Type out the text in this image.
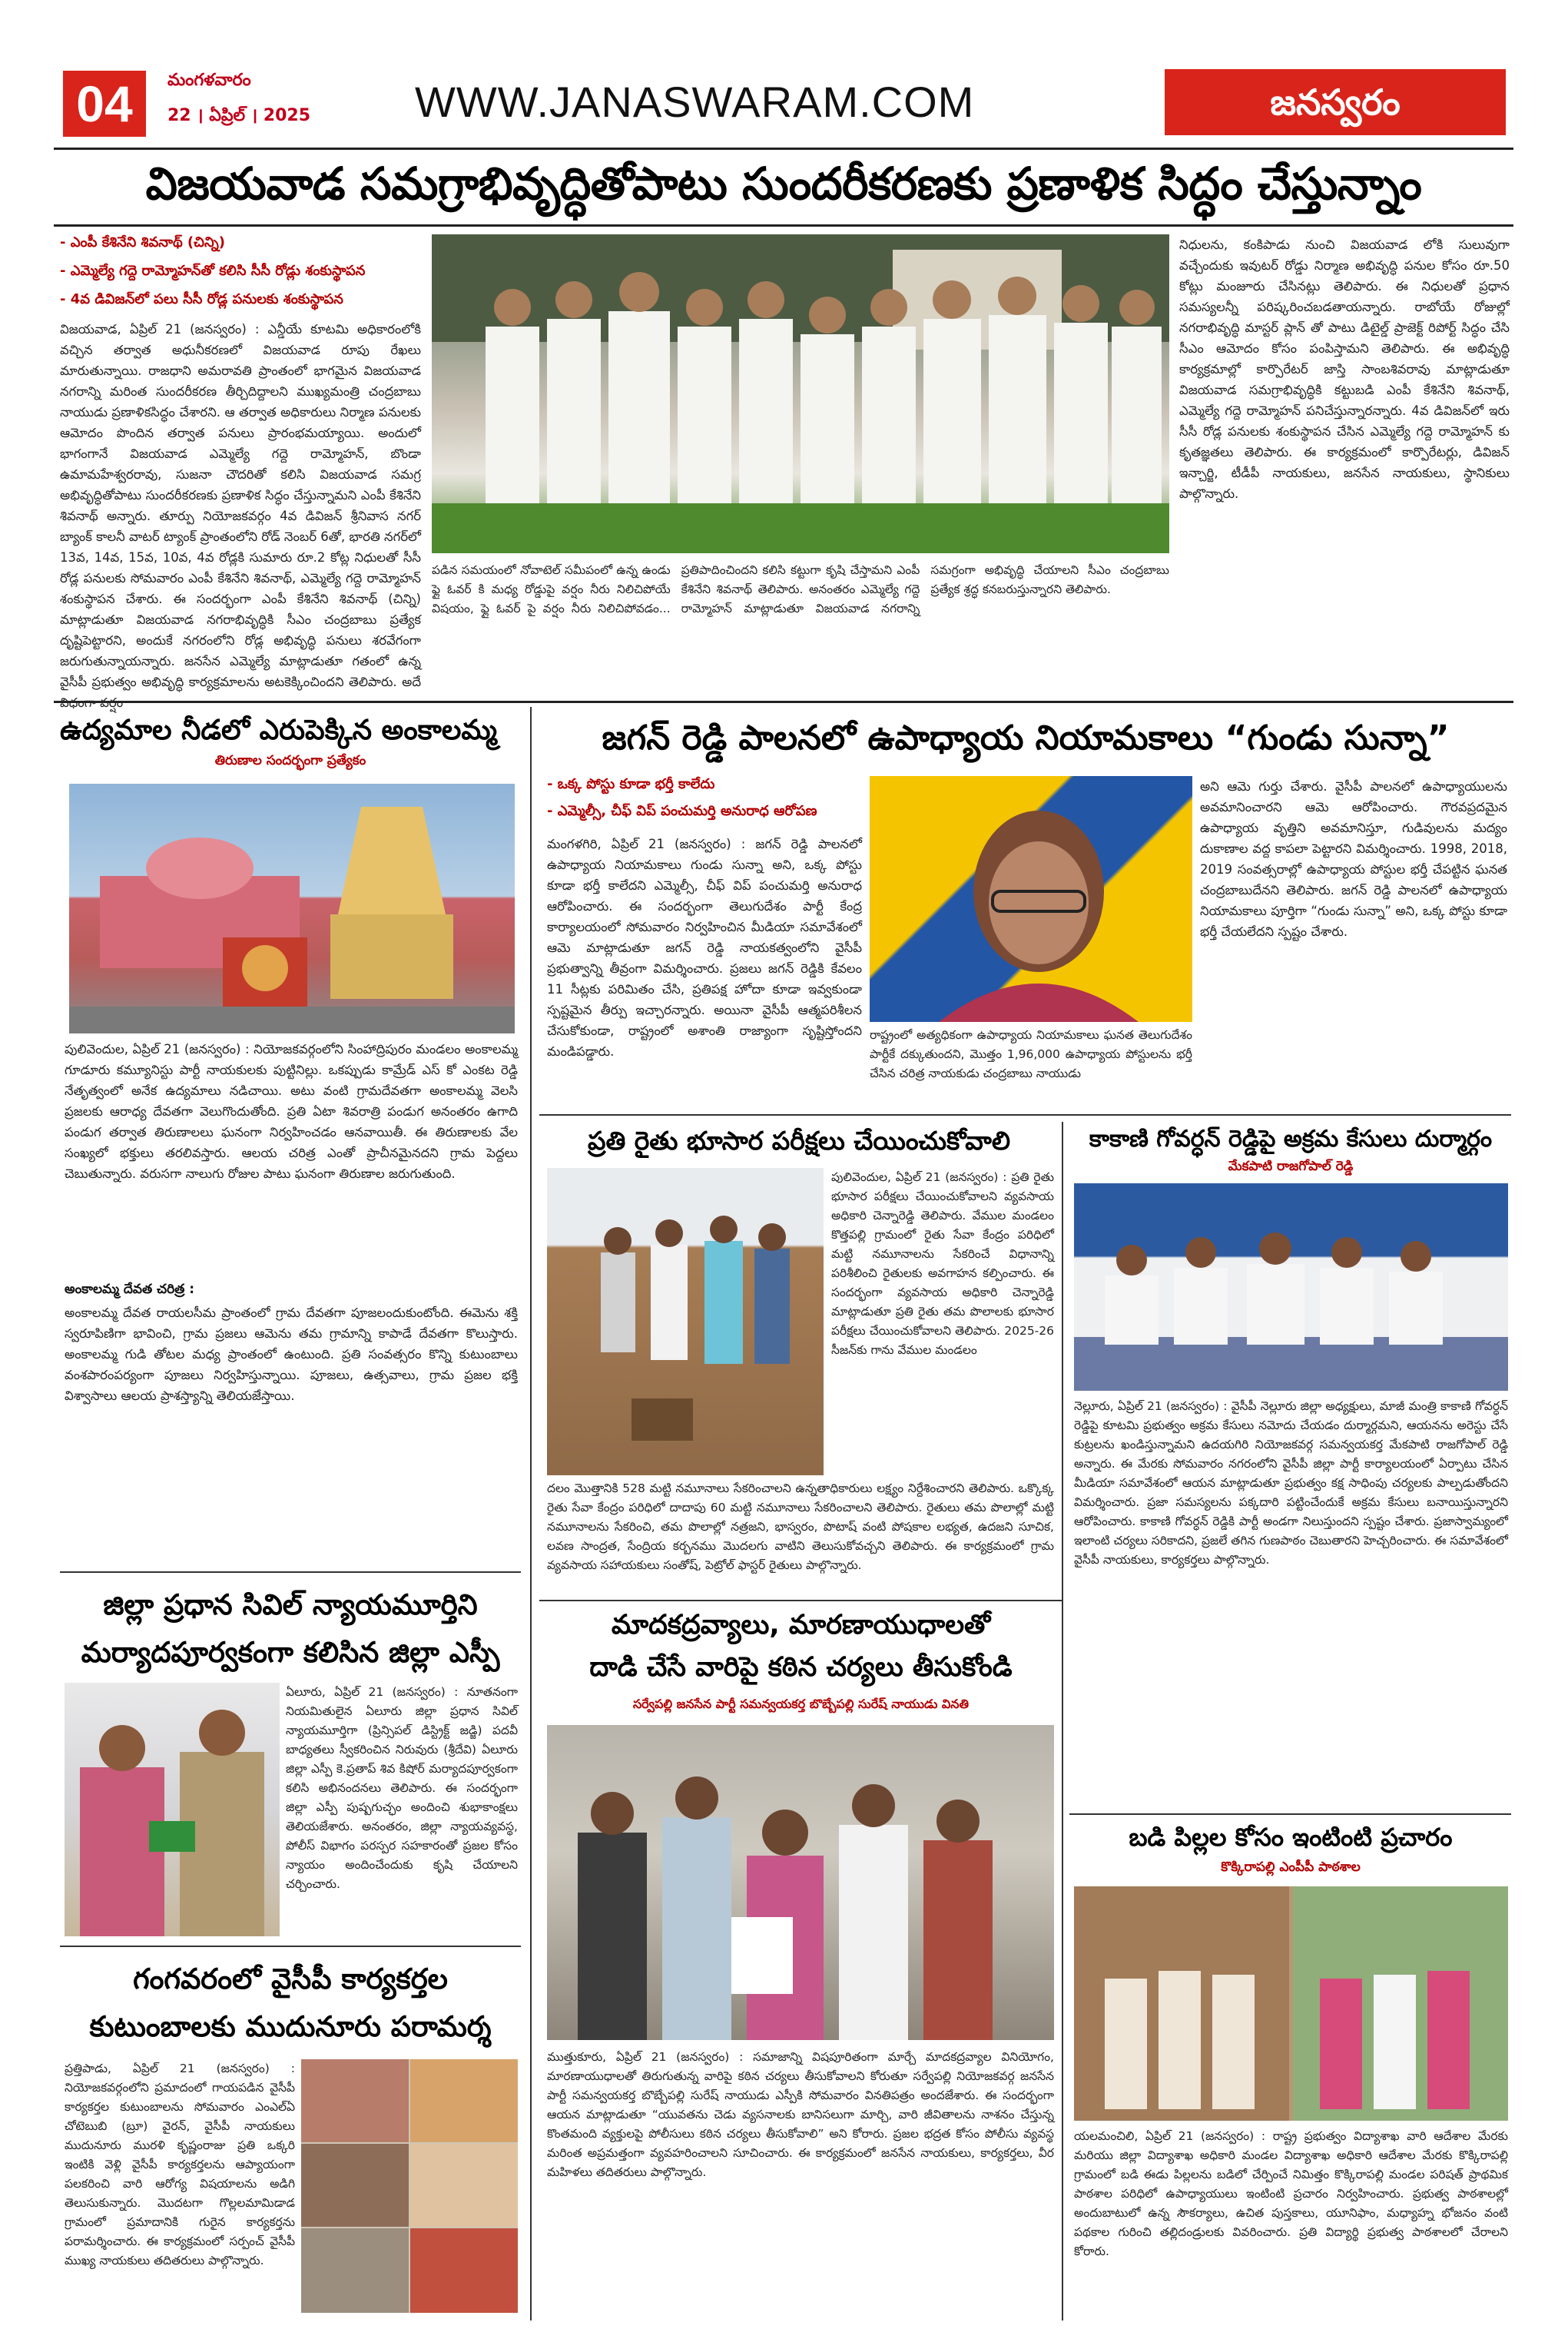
04	మంగళవారం
22 । ఏప్రిల్ । 2025 WWW.JANASWARAM.COM	జనస్వరం
విజయవాడ సమగ్రాభివృద్ధితోపాటు సుందరీకరణకు ప్రణాళిక సిద్ధం చేస్తున్నాం
- ఎంపీ కేశినేని శివనాథ్ (చిన్ని)
- ఎమ్మెల్యే గద్దె రామ్మోహన్‌తో కలిసి సీసీ రోడ్లు శంకుస్థాపన
- 4వ డివిజన్‌లో పలు సీసీ రోడ్ల పనులకు శంకుస్థాపన
విజయవాడ, ఏప్రిల్ 21 (జనస్వరం) : ఎన్డీయే కూటమి అధికారంలోకి వచ్చిన తర్వాత అధునీకరణలో విజయవాడ రూపు రేఖలు మారుతున్నాయి. రాజధాని అమరావతి ప్రాంతంలో భాగమైన విజయవాడ నగరాన్ని మరింత సుందరీకరణ తీర్చిదిద్దాలని ముఖ్యమంత్రి చంద్రబాబు నాయుడు ప్రణాళికసిద్ధం చేశారని. ఆ తర్వాత అధికారులు నిర్మాణ పనులకు ఆమోదం పొందిన తర్వాత పనులు ప్రారంభమయ్యాయి. అందులో భాగంగానే విజయవాడ ఎమ్మెల్యే గద్దె రామ్మోహన్, బొండా ఉమామహేశ్వరరావు, సుజనా చౌదరితో కలిసి విజయవాడ సమగ్ర అభివృద్ధితోపాటు సుందరీకరణకు ప్రణాళిక సిద్ధం చేస్తున్నామని ఎంపీ కేశినేని శివనాథ్ అన్నారు. తూర్పు నియోజకవర్గం 4వ డివిజన్ శ్రీనివాస నగర్ బ్యాంక్ కాలనీ వాటర్ ట్యాంక్ ప్రాంతంలోని రోడ్ నెంబర్ 6తో, భారతి నగర్‌లో 13వ, 14వ, 15వ, 10వ, 4వ రోడ్లకి సుమారు రూ.2 కోట్ల నిధులతో సీసీ రోడ్ల పనులకు సోమవారం ఎంపీ కేశినేని శివనాథ్, ఎమ్మెల్యే గద్దె రామ్మోహన్ శంకుస్థాపన చేశారు. ఈ సందర్భంగా ఎంపీ కేశినేని శివనాథ్ (చిన్ని) మాట్లాడుతూ విజయవాడ నగరాభివృద్ధికి సీఎం చంద్రబాబు ప్రత్యేక దృష్టిపెట్టారని, అందుకే నగరంలోని రోడ్ల అభివృద్ధి పనులు శరవేగంగా జరుగుతున్నాయన్నారు. జనసేన ఎమ్మెల్యే మాట్లాడుతూ గతంలో ఉన్న వైసీపీ ప్రభుత్వం అభివృద్ధి కార్యక్రమాలను అటకెక్కించిందని తెలిపారు. అదే
పడిన సమయంలో నోవాటెల్ సమీపంలో ఉన్న ఉండు ఫ్లై ఓవర్ కి మధ్య రోడ్డుపై వర్షం నీరు నిలిచిపోయే విషయం, ఫ్లై ఓవర్ పై వర్షం నీరు నిలిచిపోవడం... ప్రతిపాదించిందని కలిసి కట్టుగా కృషి చేస్తామని ఎంపీ కేశినేని శివనాథ్ తెలిపారు. అనంతరం ఎమ్మెల్యే గద్దె రామ్మోహన్ మాట్లాడుతూ విజయవాడ నగరాన్ని సమగ్రంగా అభివృద్ధి చేయాలని సీఎం చంద్రబాబు ప్రత్యేక శ్రద్ధ కనబరుస్తున్నారని తెలిపారు.
నిధులను, కంకిపాడు నుంచి విజయవాడ లోకి సులువుగా వచ్చేందుకు ఇవుటర్ రోడ్డు నిర్మాణ అభివృద్ధి పనుల కోసం రూ.50 కోట్లు మంజూరు చేసినట్లు తెలిపారు. ఈ నిధులతో ప్రధాన సమస్యలన్నీ పరిష్కరించబడతాయన్నారు. రాబోయే రోజుల్లో నగరాభివృద్ధి మాస్టర్ ప్లాన్ తో పాటు డిటైల్డ్ ప్రాజెక్ట్ రిపోర్ట్ సిద్ధం చేసి సీఎం ఆమోదం కోసం పంపిస్తామని తెలిపారు. ఈ అభివృద్ధి కార్యక్రమాల్లో కార్పొరేటర్ జాస్తి సాంబశివరావు మాట్లాడుతూ విజయవాడ సమగ్రాభివృద్ధికి కట్టుబడి ఎంపీ కేశినేని శివనాథ్, ఎమ్మెల్యే గద్దె రామ్మోహన్ పనిచేస్తున్నారన్నారు. 4వ డివిజన్‌లో ఇరు సీసీ రోడ్ల పనులకు శంకుస్థాపన చేసిన ఎమ్మెల్యే గద్దె రామ్మోహన్ కు కృతజ్ఞతలు తెలిపారు. ఈ కార్యక్రమంలో కార్పొరేటర్లు, డివిజన్ ఇన్చార్జి, టీడీపీ నాయకులు, జనసేన నాయకులు, స్థానికులు పాల్గొన్నారు.
ఉద్యమాల నీడలో ఎరుపెక్కిన అంకాలమ్మ
తిరుణాల సందర్భంగా ప్రత్యేకం
పులివెందుల, ఏప్రిల్ 21 (జనస్వరం) : నియోజకవర్గంలోని సింహాద్రిపురం మండలం అంకాలమ్మ గూడూరు కమ్యూనిస్టు పార్టీ నాయకులకు పుట్టినిల్లు. ఒకప్పుడు కామ్రేడ్ ఎస్ కో ఎంకట రెడ్డి నేతృత్వంలో అనేక ఉద్యమాలు నడిచాయి. అటు వంటి గ్రామదేవతగా అంకాలమ్మ వెలసి ప్రజలకు ఆరాధ్య దేవతగా వెలుగొందుతోంది. ప్రతి ఏటా శివరాత్రి పండుగ అనంతరం ఉగాది పండుగ తర్వాత తిరుణాలలు ఘనంగా నిర్వహించడం ఆనవాయితీ. ఈ తిరుణాలకు వేల సంఖ్యలో భక్తులు తరలివస్తారు. ఆలయ చరిత్ర ఎంతో ప్రాచీనమైనదని గ్రామ పెద్దలు చెబుతున్నారు. వరుసగా నాలుగు రోజుల పాటు ఘనంగా తిరుణాల జరుగుతుంది.
అంకాలమ్మ దేవత చరిత్ర :
అంకాలమ్మ దేవత రాయలసీమ ప్రాంతంలో గ్రామ దేవతగా పూజలందుకుంటోంది. ఈమెను శక్తి స్వరూపిణిగా భావించి, గ్రామ ప్రజలు ఆమెను తమ గ్రామాన్ని కాపాడే దేవతగా కొలుస్తారు. అంకాలమ్మ గుడి తోటల మధ్య ప్రాంతంలో ఉంటుంది. ప్రతి సంవత్సరం కొన్ని కుటుంబాలు వంశపారంపర్యంగా పూజలు నిర్వహిస్తున్నాయి. పూజలు, ఉత్సవాలు, గ్రామ ప్రజల భక్తి విశ్వాసాలు ఆలయ ప్రాశస్త్యాన్ని తెలియజేస్తాయి.
జిల్లా ప్రధాన సివిల్ న్యాయమూర్తిని మర్యాదపూర్వకంగా కలిసిన జిల్లా ఎస్పీ
ఏలూరు, ఏప్రిల్ 21 (జనస్వరం) : నూతనంగా నియమితులైన ఏలూరు జిల్లా ప్రధాన సివిల్ న్యాయమూర్తిగా (ప్రిన్సిపల్ డిస్ట్రిక్ట్ జడ్జి) పదవీ బాధ్యతలు స్వీకరించిన నిరువురు (శ్రీదేవి) ఏలూరు జిల్లా ఎస్పీ కె.ప్రతాప్ శివ కిషోర్ మర్యాదపూర్వకంగా కలిసి అభినందనలు తెలిపారు. ఈ సందర్భంగా జిల్లా ఎస్పీ పుష్పగుచ్ఛం అందించి శుభాకాంక్షలు తెలియజేశారు. అనంతరం, జిల్లా న్యాయవ్యవస్థ, పోలీస్ విభాగం పరస్పర సహకారంతో ప్రజల కోసం న్యాయం అందించేందుకు కృషి చేయాలని చర్చించారు.
గంగవరంలో వైసీపీ కార్యకర్తల కుటుంబాలకు ముదునూరు పరామర్శ
ప్రత్తిపాడు, ఏప్రిల్ 21 (జనస్వరం) : నియోజకవర్గంలోని ప్రమాదంలో గాయపడిన వైసీపీ కార్యకర్తల కుటుంబాలను సోమవారం ఎంఎల్ఏ చోటెబుబి (బ్రూ) వైరన్, వైసీపీ నాయకులు ముదునూరు మురళి కృష్ణంరాజు ప్రతి ఒక్కరి ఇంటికి వెళ్లి వైసీపీ కార్యకర్తలను ఆప్యాయంగా పలకరించి వారి ఆరోగ్య విషయాలను అడిగి తెలుసుకున్నారు. మొదటగా గొల్లలమామిడాడ గ్రామంలో ప్రమాదానికి గురైన కార్యకర్తను పరామర్శించారు. ఈ కార్యక్రమంలో సర్పంచ్ వైసీపీ ముఖ్య నాయకులు తదితరులు పాల్గొన్నారు.
జగన్ రెడ్డి పాలనలో ఉపాధ్యాయ నియామకాలు “గుండు సున్నా”
- ఒక్క పోస్టు కూడా భర్తీ కాలేదు
- ఎమ్మెల్సీ, చీఫ్ విప్ పంచుమర్తి అనురాధ ఆరోపణ
మంగళగిరి, ఏప్రిల్ 21 (జనస్వరం) : జగన్ రెడ్డి పాలనలో ఉపాధ్యాయ నియామకాలు గుండు సున్నా అని, ఒక్క పోస్టు కూడా భర్తీ కాలేదని ఎమ్మెల్సీ, చీఫ్ విప్ పంచుమర్తి అనురాధ ఆరోపించారు. ఈ సందర్భంగా తెలుగుదేశం పార్టీ కేంద్ర కార్యాలయంలో సోమవారం నిర్వహించిన మీడియా సమావేశంలో ఆమె మాట్లాడుతూ జగన్ రెడ్డి నాయకత్వంలోని వైసీపీ ప్రభుత్వాన్ని తీవ్రంగా విమర్శించారు. ప్రజలు జగన్ రెడ్డికి కేవలం 11 సీట్లకు పరిమితం చేసి, ప్రతిపక్ష హోదా కూడా ఇవ్వకుండా స్పష్టమైన తీర్పు ఇచ్చారన్నారు. అయినా వైసీపీ ఆత్మపరిశీలన చేసుకోకుండా, రాష్ట్రంలో అశాంతి రాజ్యాంగా సృష్టిస్తోందని మండిపడ్డారు.
రాష్ట్రంలో అత్యధికంగా ఉపాధ్యాయ నియామకాలు ఘనత తెలుగుదేశం పార్టీకే దక్కుతుందని, మొత్తం 1,96,000 ఉపాధ్యాయ పోస్టులను భర్తీ చేసిన చరిత్ర నాయకుడు చంద్రబాబు నాయుడు
అని ఆమె గుర్తు చేశారు. వైసీపీ పాలనలో ఉపాధ్యాయులను అవమానించారని ఆమె ఆరోపించారు. గౌరవప్రదమైన ఉపాధ్యాయ వృత్తిని అవమానిస్తూ, గుడివులను మద్యం దుకాణాల వద్ద కాపలా పెట్టారని విమర్శించారు. 1998, 2018, 2019 సంవత్సరాల్లో ఉపాధ్యాయ పోస్టుల భర్తీ చేపట్టిన ఘనత చంద్రబాబుదేనని తెలిపారు. జగన్ రెడ్డి పాలనలో ఉపాధ్యాయ నియామకాలు పూర్తిగా “గుండు సున్నా” అని, ఒక్క పోస్టు కూడా భర్తీ చేయలేదని స్పష్టం చేశారు.
ప్రతి రైతు భూసార పరీక్షలు చేయించుకోవాలి
పులివెందుల, ఏప్రిల్ 21 (జనస్వరం) : ప్రతి రైతు భూసార పరీక్షలు చేయించుకోవాలని వ్యవసాయ అధికారి చెన్నారెడ్డి తెలిపారు. వేముల మండలం కొత్తపల్లి గ్రామంలో రైతు సేవా కేంద్రం పరిధిలో మట్టి నమూనాలను సేకరించే విధానాన్ని పరిశీలించి రైతులకు అవగాహన కల్పించారు. ఈ సందర్భంగా వ్యవసాయ అధికారి చెన్నారెడ్డి మాట్లాడుతూ ప్రతి రైతు తమ పొలాలకు భూసార పరీక్షలు చేయించుకోవాలని తెలిపారు. 2025-26 సీజన్‌కు గాను వేముల మండలం
దలం మొత్తానికి 528 మట్టి నమూనాలు సేకరించాలని ఉన్నతాధికారులు లక్ష్యం నిర్దేశించారని తెలిపారు. ఒక్కొక్క రైతు సేవా కేంద్రం పరిధిలో దాదాపు 60 మట్టి నమూనాలు సేకరించాలని తెలిపారు. రైతులు తమ పొలాల్లో మట్టి నమూనాలను సేకరించి, తమ పొలాల్లో నత్రజని, భాస్వరం, పొటాష్ వంటి పోషకాల లభ్యత, ఉదజని సూచిక, లవణ సాంద్రత, సేంద్రియ కర్బనము మొదలగు వాటిని తెలుసుకోవచ్చని తెలిపారు. ఈ కార్యక్రమంలో గ్రామ వ్యవసాయ సహాయకులు సంతోష్, పెట్రోల్ ఫాస్టర్ రైతులు పాల్గొన్నారు.
మాదకద్రవ్యాలు, మారణాయుధాలతో
దాడి చేసే వారిపై కఠిన చర్యలు తీసుకోండి
సర్వేపల్లి జనసేన పార్టీ సమన్వయకర్త బొబ్బేపల్లి సురేష్ నాయుడు వినతి
ముత్తుకూరు, ఏప్రిల్ 21 (జనస్వరం) : సమాజాన్ని విషపూరితంగా మార్చే మాదకద్రవ్యాల వినియోగం, మారణాయుధాలతో తిరుగుతున్న వారిపై కఠిన చర్యలు తీసుకోవాలని కోరుతూ సర్వేపల్లి నియోజకవర్గ జనసేన పార్టీ సమన్వయకర్త బొబ్బేపల్లి సురేష్ నాయుడు ఎస్పీకి సోమవారం వినతిపత్రం అందజేశారు. ఈ సందర్భంగా ఆయన మాట్లాడుతూ “యువతను చెడు వ్యసనాలకు బానిసలుగా మార్చి, వారి జీవితాలను నాశనం చేస్తున్న కొంతమంది వ్యక్తులపై పోలీసులు కఠిన చర్యలు తీసుకోవాలి” అని కోరారు. ప్రజల భద్రత కోసం పోలీసు వ్యవస్థ మరింత అప్రమత్తంగా వ్యవహరించాలని సూచించారు. ఈ కార్యక్రమంలో జనసేన నాయకులు, కార్యకర్తలు, వీర మహిళలు తదితరులు పాల్గొన్నారు.
కాకాణి గోవర్ధన్ రెడ్డిపై అక్రమ కేసులు దుర్మార్గం
మేకపాటి రాజగోపాల్ రెడ్డి
నెల్లూరు, ఏప్రిల్ 21 (జనస్వరం) : వైసీపీ నెల్లూరు జిల్లా అధ్యక్షులు, మాజీ మంత్రి కాకాణి గోవర్ధన్ రెడ్డిపై కూటమి ప్రభుత్వం అక్రమ కేసులు నమోదు చేయడం దుర్మార్గమని, ఆయనను అరెస్టు చేసే కుట్రలను ఖండిస్తున్నామని ఉదయగిరి నియోజకవర్గ సమన్వయకర్త మేకపాటి రాజగోపాల్ రెడ్డి అన్నారు. ఈ మేరకు సోమవారం నగరంలోని వైసీపీ జిల్లా పార్టీ కార్యాలయంలో ఏర్పాటు చేసిన మీడియా సమావేశంలో ఆయన మాట్లాడుతూ ప్రభుత్వం కక్ష సాధింపు చర్యలకు పాల్పడుతోందని విమర్శించారు. ప్రజా సమస్యలను పక్కదారి పట్టించేందుకే అక్రమ కేసులు బనాయిస్తున్నారని ఆరోపించారు. కాకాణి గోవర్ధన్ రెడ్డికి పార్టీ అండగా నిలుస్తుందని స్పష్టం చేశారు. ప్రజాస్వామ్యంలో ఇలాంటి చర్యలు సరికాదని, ప్రజలే తగిన గుణపాఠం చెబుతారని హెచ్చరించారు. ఈ సమావేశంలో వైసీపీ నాయకులు, కార్యకర్తలు పాల్గొన్నారు.
బడి పిల్లల కోసం ఇంటింటి ప్రచారం
కొక్కిరాపల్లి ఎంపీపీ పాఠశాల
యలమంచిలి, ఏప్రిల్ 21 (జనస్వరం) : రాష్ట్ర ప్రభుత్వం విద్యాశాఖ వారి ఆదేశాల మేరకు మరియు జిల్లా విద్యాశాఖ అధికారి మండల విద్యాశాఖ అధికారి ఆదేశాల మేరకు కొక్కిరాపల్లి గ్రామంలో బడి ఈడు పిల్లలను బడిలో చేర్పించే నిమిత్తం కొక్కిరాపల్లి మండల పరిషత్ ప్రాథమిక పాఠశాల పరిధిలో ఉపాధ్యాయులు ఇంటింటి ప్రచారం నిర్వహించారు. ప్రభుత్వ పాఠశాలల్లో అందుబాటులో ఉన్న సౌకర్యాలు, ఉచిత పుస్తకాలు, యూనిఫాం, మధ్యాహ్న భోజనం వంటి పథకాల గురించి తల్లిదండ్రులకు వివరించారు. ప్రతి విద్యార్థి ప్రభుత్వ పాఠశాలలో చేరాలని కోరారు.
